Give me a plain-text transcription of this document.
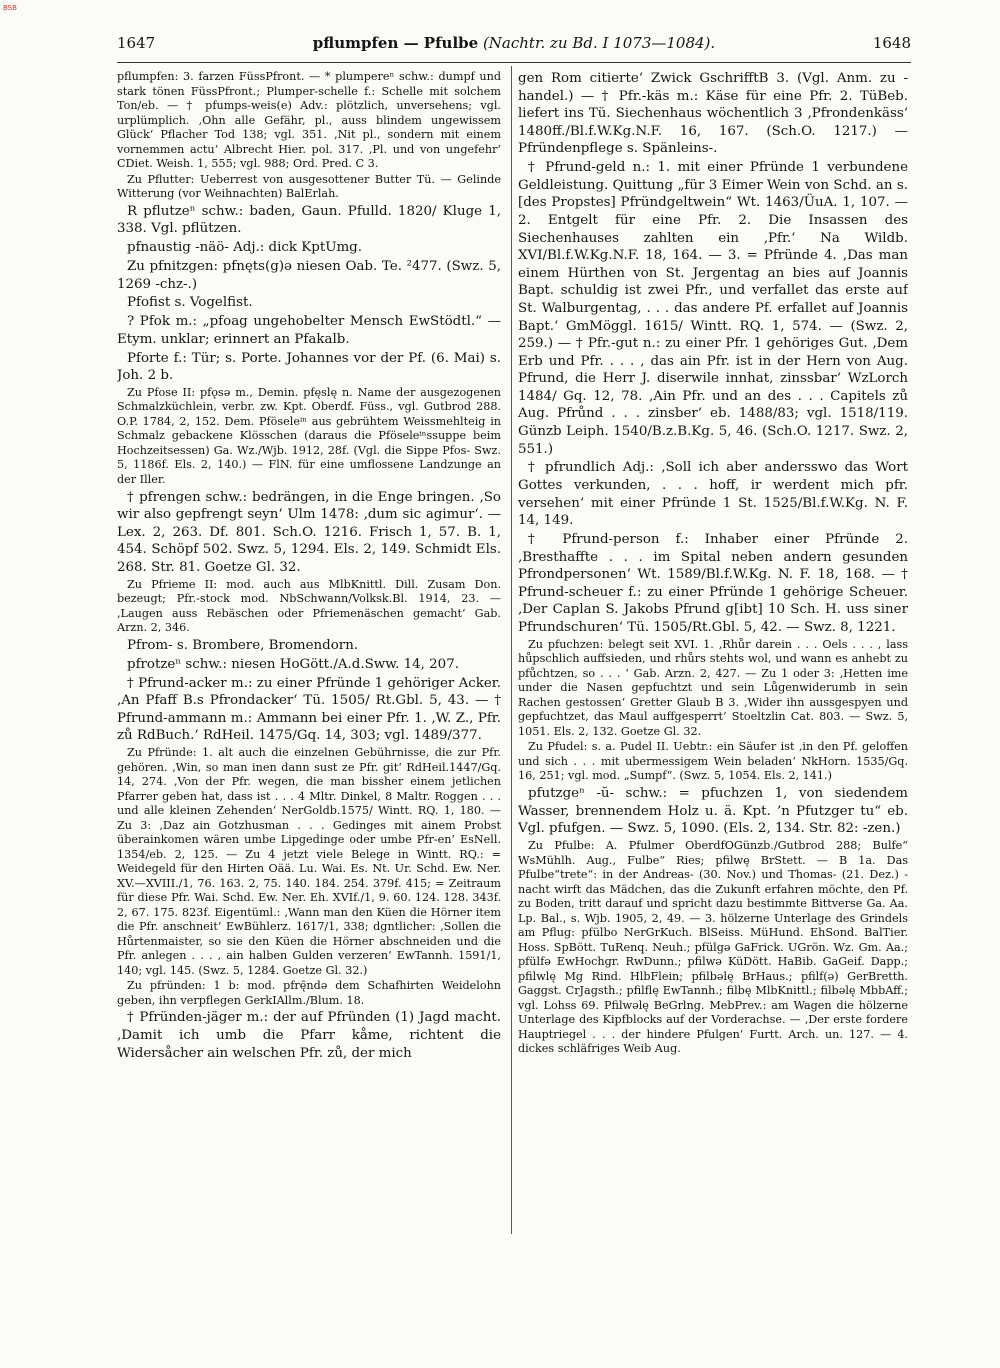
BSB
1647	pflumpfen — Pfulbe (Nachtr. zu Bd. I 1073—1084).	1648

pflumpfen: 3. farzen FüssPfront. — * plumpereⁿ schw.: dumpf und stark tönen FüssPfront.; Plumper-schelle f.: Schelle mit solchem Ton/eb. — † pfumps-weis(e) Adv.: plötzlich, unversehens; vgl. urplümplich. ‚Ohn alle Gefähr, pl., auss blindem ungewissem Glück‘ Pflacher Tod 138; vgl. 351. ‚Nit pl., sondern mit einem vornemmen actu‘ Albrecht Hier. pol. 317. ‚Pl. und von ungefehr‘ CDiet. Weish. 1, 555; vgl. 988; Ord. Pred. C 3.

Zu Pflutter: Ueberrest von ausgesottener Butter Tü. — Gelinde Witterung (vor Weihnachten) BalErlah.

R pflutzeⁿ schw.: baden, Gaun. Pfulld. 1820/ Kluge 1, 338. Vgl. pflützen.

pfnaustig -näö- Adj.: dick KptUmg.

Zu pfnitzgen: pfnęts(g)ə niesen Oab. Te. ²477. (Swz. 5, 1269 -chz-.)

Pfofist s. Vogelfist.

? Pfok m.: „pfoag ungehobelter Mensch EwStödtl.“ — Etym. unklar; erinnert an Pfakalb.

Pforte f.: Tür; s. Porte. Johannes vor der Pf. (6. Mai) s. Joh. 2 b.

Zu Pfose II: pfǫsə m., Demin. pfęslę n. Name der ausgezogenen Schmalzküchlein, verbr. zw. Kpt. Oberdf. Füss., vgl. Gutbrod 288. O.P. 1784, 2, 152. Dem. Pföseleⁱⁿ aus gebrühtem Weissmehlteig in Schmalz gebackene Klösschen (daraus die Pföseleⁱⁿssuppe beim Hochzeitsessen) Ga. Wz./Wjb. 1912, 28f. (Vgl. die Sippe Pfos- Swz. 5, 1186f. Els. 2, 140.) — FlN. für eine umflossene Landzunge an der Iller.

† pfrengen schw.: bedrängen, in die Enge bringen. ‚So wir also gepfrengt seyn‘ Ulm 1478: ‚dum sic agimur‘. — Lex. 2, 263. Df. 801. Sch.O. 1216. Frisch 1, 57. B. 1, 454. Schöpf 502. Swz. 5, 1294. Els. 2, 149. Schmidt Els. 268. Str. 81. Goetze Gl. 32.

Zu Pfrieme II: mod. auch aus MlbKnittl. Dill. Zusam Don. bezeugt; Pfr.-stock mod. NbSchwann/Volksk.Bl. 1914, 23. — ‚Laugen auss Rebäschen oder Pfriemenäschen gemacht‘ Gab. Arzn. 2, 346.

Pfrom- s. Brombere, Bromendorn.

pfrotzeⁿ schw.: niesen HoGött./A.d.Sww. 14, 207.

† Pfrund-acker m.: zu einer Pfründe 1 gehöriger Acker. ‚An Pfaff B.s Pfrondacker‘ Tü. 1505/ Rt.Gbl. 5, 43. — † Pfrund-ammann m.: Ammann bei einer Pfr. 1. ‚W. Z., Pfr. zů RdBuch.‘ RdHeil. 1475/Gq. 14, 303; vgl. 1489/377.

Zu Pfründe: 1. alt auch die einzelnen Gebührnisse, die zur Pfr. gehören. ‚Win, so man inen dann sust ze Pfr. git‘ RdHeil.1447/Gq. 14, 274. ‚Von der Pfr. wegen, die man bissher einem jetlichen Pfarrer geben hat, dass ist . . . 4 Mltr. Dinkel, 8 Maltr. Roggen . . . und alle kleinen Zehenden‘ NerGoldb.1575/ Wintt. RQ. 1, 180. — Zu 3: ‚Daz ain Gotzhusman . . . Gedinges mit ainem Probst überainkomen wären umbe Lipgedinge oder umbe Pfr-en‘ EsNell. 1354/eb. 2, 125. — Zu 4 jetzt viele Belege in Wintt. RQ.: = Weidegeld für den Hirten Oää. Lu. Wai. Es. Nt. Ur. Schd. Ew. Ner. XV.—XVIII./1, 76. 163. 2, 75. 140. 184. 254. 379f. 415; = Zeitraum für diese Pfr. Wai. Schd. Ew. Ner. Eh. XVIf./1, 9. 60. 124. 128. 343f. 2, 67. 175. 823f. Eigentüml.: ‚Wann man den Küen die Hörner item die Pfr. anschneit‘ EwBühlerz. 1617/1, 338; dgntlicher: ‚Sollen die Hůrtenmaister, so sie den Küen die Hörner abschneiden und die Pfr. anlegen . . . , ain halben Gulden verzeren‘ EwTannh. 1591/1, 140; vgl. 145. (Swz. 5, 1284. Goetze Gl. 32.)

Zu pfründen: 1 b: mod. pfrę̄ndə dem Schafhirten Weidelohn geben, ihn verpflegen GerkIAllm./Blum. 18.

† Pfründen-jäger m.: der auf Pfründen (1) Jagd macht. ‚Damit ich umb die Pfarr kåme, richtent die Widersåcher ain welschen Pfr. zů, der mich

gen Rom citierte‘ Zwick GschrifftB 3. (Vgl. Anm. zu -handel.) — † Pfr.-käs m.: Käse für eine Pfr. 2. TüBeb. liefert ins Tü. Siechenhaus wöchentlich 3 ‚Pfrondenkäss‘ 1480ff./Bl.f.W.Kg.N.F. 16, 167. (Sch.O. 1217.) — Pfründenpflege s. Spänleins-.

† Pfrund-geld n.: 1. mit einer Pfründe 1 verbundene Geldleistung. Quittung „für 3 Eimer Wein von Schd. an s. [des Propstes] Pfründgeltwein“ Wt. 1463/ÜuA. 1, 107. — 2. Entgelt für eine Pfr. 2. Die Insassen des Siechenhauses zahlten ein ‚Pfr.‘ Na Wildb. XVI/Bl.f.W.Kg.N.F. 18, 164. — 3. = Pfründe 4. ‚Das man einem Hürthen von St. Jergentag an bies auf Joannis Bapt. schuldig ist zwei Pfr., und verfallet das erste auf St. Walburgentag, . . . das andere Pf. erfallet auf Joannis Bapt.‘ GmMöggl. 1615/ Wintt. RQ. 1, 574. — (Swz. 2, 259.) — † Pfr.-gut n.: zu einer Pfr. 1 gehöriges Gut. ‚Dem Erb und Pfr. . . . , das ain Pfr. ist in der Hern von Aug. Pfrund, die Herr J. diserwile innhat, zinssbar‘ WzLorch 1484/ Gq. 12, 78. ‚Ain Pfr. und an des . . . Capitels zů Aug. Pfrůnd . . . zinsber‘ eb. 1488/83; vgl. 1518/119. Günzb Leiph. 1540/B.z.B.Kg. 5, 46. (Sch.O. 1217. Swz. 2, 551.)

† pfrundlich Adj.: ‚Soll ich aber andersswo das Wort Gottes verkunden, . . . hoff, ir werdent mich pfr. versehen‘ mit einer Pfründe 1 St. 1525/Bl.f.W.Kg. N. F. 14, 149.

† Pfrund-person f.: Inhaber einer Pfründe 2. ‚Bresthaffte . . . im Spital neben andern gesunden Pfrondpersonen‘ Wt. 1589/Bl.f.W.Kg. N. F. 18, 168. — † Pfrund-scheuer f.: zu einer Pfründe 1 gehörige Scheuer. ‚Der Caplan S. Jakobs Pfrund g[ibt] 10 Sch. H. uss siner Pfrundschuren‘ Tü. 1505/Rt.Gbl. 5, 42. — Swz. 8, 1221.

Zu pfuchzen: belegt seit XVI. 1. ‚Rhůr darein . . . Oels . . . , lass hůpschlich auffsieden, und rhůrs stehts wol, und wann es anhebt zu pfůchtzen, so . . . ‘ Gab. Arzn. 2, 427. — Zu 1 oder 3: ‚Hetten ime under die Nasen gepfuchtzt und sein Lůgenwiderumb in sein Rachen gestossen‘ Gretter Glaub B 3. ‚Wider ihn aussgespyen und gepfuchtzet, das Maul auffgesperrt‘ Stoeltzlin Cat. 803. — Swz. 5, 1051. Els. 2, 132. Goetze Gl. 32.

Zu Pfudel: s. a. Pudel II. Uebtr.: ein Säufer ist ‚in den Pf. geloffen und sich . . . mit ubermessigem Wein beladen‘ NkHorn. 1535/Gq. 16, 251; vgl. mod. „Sumpf“. (Swz. 5, 1054. Els. 2, 141.)

pfutzgeⁿ -ŭ- schw.: = pfuchzen 1, von siedendem Wasser, brennendem Holz u. ä. Kpt. ’n Pfutzger tu“ eb. Vgl. pfufgen. — Swz. 5, 1090. (Els. 2, 134. Str. 82: -zen.)

Zu Pfulbe: A. Pfulmer OberdfOGünzb./Gutbrod 288; Bulfe“ WsMühlh. Aug., Fulbe“ Ries; pfilwę BrStett. — B 1a. Das Pfulbe“trete“: in der Andreas- (30. Nov.) und Thomas- (21. Dez.) -nacht wirft das Mädchen, das die Zukunft erfahren möchte, den Pf. zu Boden, tritt darauf und spricht dazu bestimmte Bittverse Ga. Aa. Lp. Bal., s. Wjb. 1905, 2, 49. — 3. hölzerne Unterlage des Grindels am Pflug: pfülbo NerGrKuch. BlSeiss. MüHund. EhSond. BalTier. Hoss. SpBött. TuRenq. Neuh.; pfülgə GaFrick. UGrön. Wz. Gm. Aa.; pfülfə EwHochgr. RwDunn.; pfilwə KüDött. HaBib. GaGeif. Dapp.; pfilwlę Mg Rind. HlbFlein; pfilbəlę BrHaus.; pfilf(ə) GerBretth. Gaggst. CrJagsth.; pfilflę EwTannh.; filbę MlbKnittl.; filbəlę MbbAff.; vgl. Lohss 69. Pfilwəlę BeGrlng. MebPrev.: am Wagen die hölzerne Unterlage des Kipfblocks auf der Vorderachse. — ‚Der erste fordere Hauptriegel . . . der hindere Pfulgen‘ Furtt. Arch. un. 127. — 4. dickes schläfriges Weib Aug.
